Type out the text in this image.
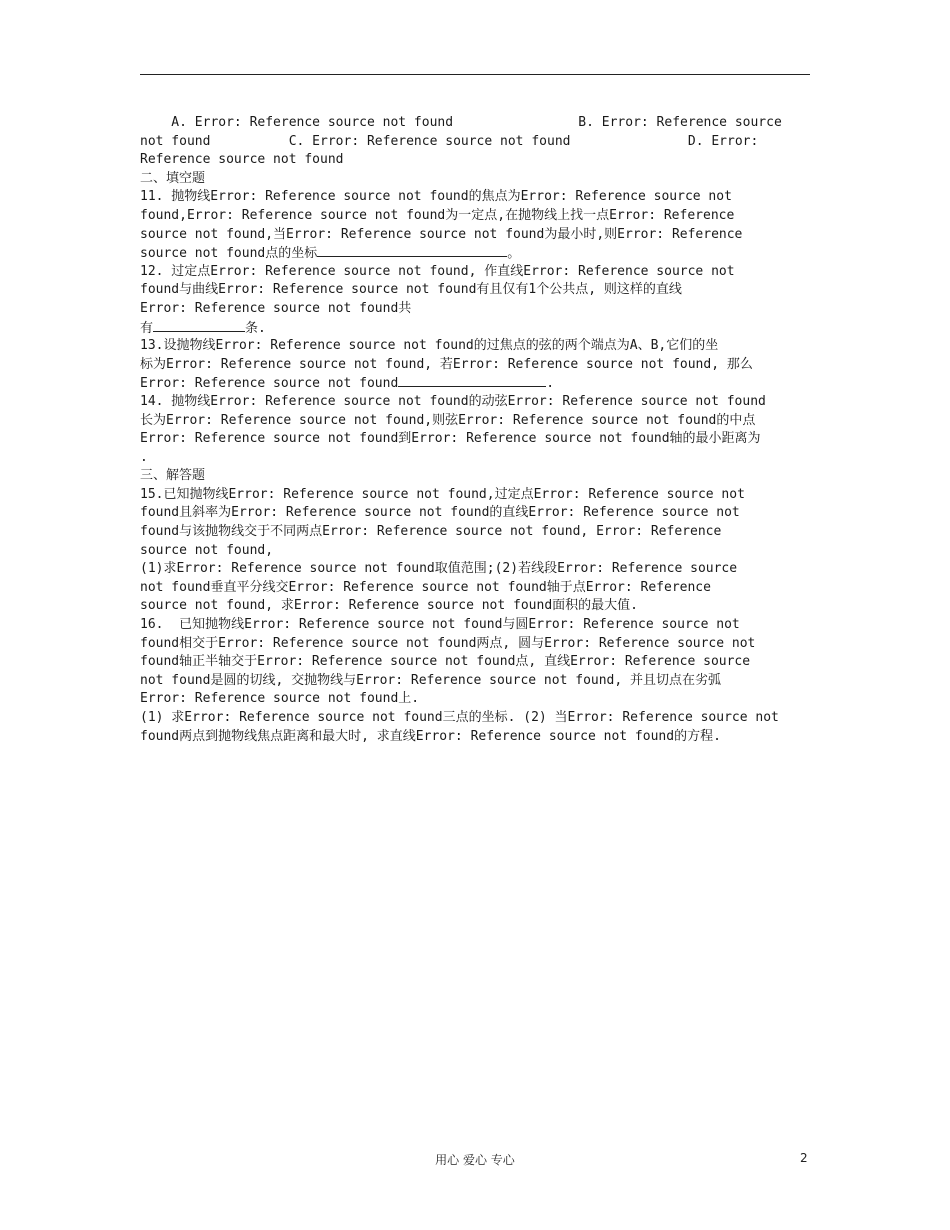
A. Error: Reference source not found                B. Error: Reference source
not found          C. Error: Reference source not found               D. Error:
Reference source not found
二、填空题
11. 抛物线Error: Reference source not found的焦点为Error: Reference source not
found,Error: Reference source not found为一定点,在抛物线上找一点Error: Reference
source not found,当Error: Reference source not found为最小时,则Error: Reference
source not found点的坐标	。
12. 过定点Error: Reference source not found, 作直线Error: Reference source not
found与曲线Error: Reference source not found有且仅有1个公共点, 则这样的直线
Error: Reference source not found共
有	条.
13.设抛物线Error: Reference source not found的过焦点的弦的两个端点为A、B,它们的坐
标为Error: Reference source not found, 若Error: Reference source not found, 那么
Error: Reference source not found	.
14. 抛物线Error: Reference source not found的动弦Error: Reference source not found
长为Error: Reference source not found,则弦Error: Reference source not found的中点
Error: Reference source not found到Error: Reference source not found轴的最小距离为
.
三、解答题
15.已知抛物线Error: Reference source not found,过定点Error: Reference source not
found且斜率为Error: Reference source not found的直线Error: Reference source not
found与该抛物线交于不同两点Error: Reference source not found, Error: Reference
source not found,
(1)求Error: Reference source not found取值范围;(2)若线段Error: Reference source
not found垂直平分线交Error: Reference source not found轴于点Error: Reference
source not found, 求Error: Reference source not found面积的最大值.
16.  已知抛物线Error: Reference source not found与圆Error: Reference source not
found相交于Error: Reference source not found两点, 圆与Error: Reference source not
found轴正半轴交于Error: Reference source not found点, 直线Error: Reference source
not found是圆的切线, 交抛物线与Error: Reference source not found, 并且切点在劣弧
Error: Reference source not found上.
(1) 求Error: Reference source not found三点的坐标. (2) 当Error: Reference source not
found两点到抛物线焦点距离和最大时, 求直线Error: Reference source not found的方程.
用心 爱心 专心	2
